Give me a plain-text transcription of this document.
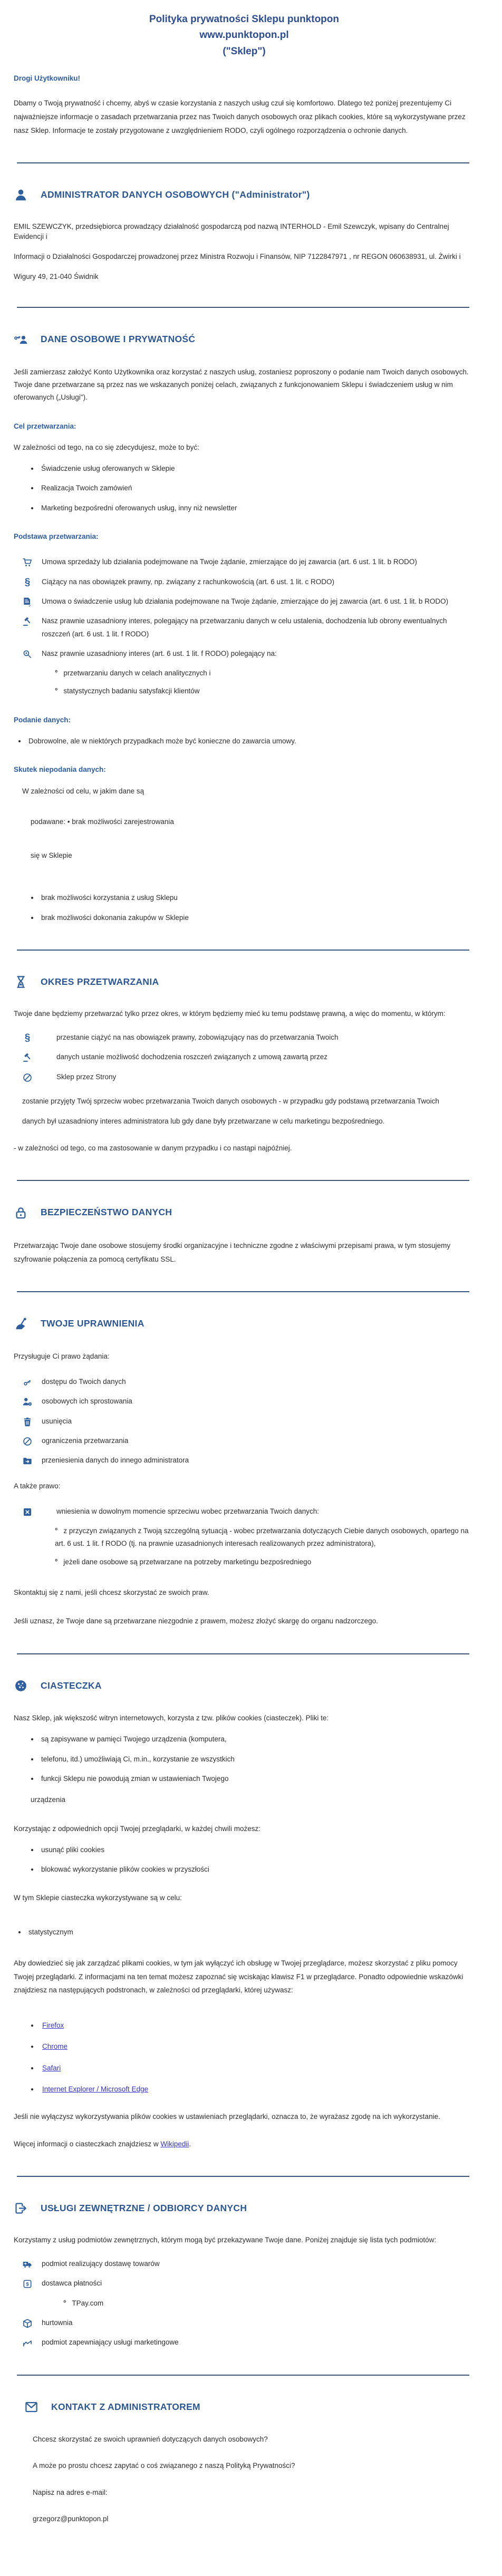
Polityka prywatności Sklepu punktopon
www.punktopon.pl
("Sklep")
Drogi Użytkowniku!

Dbamy o Twoją prywatność i chcemy, abyś w czasie korzystania z naszych usług czuł się komfortowo. Dlatego też poniżej prezentujemy Ci najważniejsze informacje o zasadach przetwarzania przez nas Twoich danych osobowych oraz plikach cookies, które są wykorzystywane przez nasz Sklep. Informacje te zostały przygotowane z uwzględnieniem RODO, czyli ogólnego rozporządzenia o ochronie danych.

ADMINISTRATOR DANYCH OSOBOWYCH ("Administrator")

EMIL SZEWCZYK, przedsiębiorca prowadzący działalność gospodarczą pod nazwą INTERHOLD - Emil Szewczyk, wpisany do Centralnej Ewidencji i

Informacji o Działalności Gospodarczej prowadzonej przez Ministra Rozwoju i Finansów, NIP 7122847971 , nr REGON 060638931, ul. Żwirki i

Wigury 49, 21-040 Świdnik

DANE OSOBOWE I PRYWATNOŚĆ

Jeśli zamierzasz założyć Konto Użytkownika oraz korzystać z naszych usług, zostaniesz poproszony o podanie nam Twoich danych osobowych. Twoje dane przetwarzane są przez nas we wskazanych poniżej celach, związanych z funkcjonowaniem Sklepu i świadczeniem usług w nim oferowanych („Usługi").

Cel przetwarzania:

W zależności od tego, na co się zdecydujesz, może to być:

• Świadczenie usług oferowanych w Sklepie
• Realizacja Twoich zamówień
• Marketing bezpośredni oferowanych usług, inny niż newsletter
Podstawa przetwarzania:
Umowa sprzedaży lub działania podejmowane na Twoje żądanie, zmierzające do jej zawarcia (art. 6 ust. 1 lit. b RODO)
§	Ciążący na nas obowiązek prawny, np. związany z rachunkowością (art. 6 ust. 1 lit. c RODO)
Umowa o świadczenie usług lub działania podejmowane na Twoje żądanie, zmierzające do jej zawarcia (art. 6 ust. 1 lit. b RODO)
Nasz prawnie uzasadniony interes, polegający na przetwarzaniu danych w celu ustalenia, dochodzenia lub obrony ewentualnych roszczeń (art. 6 ust. 1 lit. f RODO)
Nasz prawnie uzasadniony interes (art. 6 ust. 1 lit. f RODO) polegający na:
° przetwarzaniu danych w celach analitycznych i
° statystycznych badaniu satysfakcji klientów
Podanie danych:
• Dobrowolne, ale w niektórych przypadkach może być konieczne do zawarcia umowy.
Skutek niepodania danych:

W zależności od celu, w jakim dane są

podawane: • brak możliwości zarejestrowania

się w Sklepie

• brak możliwości korzystania z usług Sklepu
• brak możliwości dokonania zakupów w Sklepie
OKRES PRZETWARZANIA

Twoje dane będziemy przetwarzać tylko przez okres, w którym będziemy mieć ku temu podstawę prawną, a więc do momentu, w którym:

§	przestanie ciążyć na nas obowiązek prawny, zobowiązujący nas do przetwarzania Twoich
danych ustanie możliwość dochodzenia roszczeń związanych z umową zawartą przez
Sklep przez Strony

zostanie przyjęty Twój sprzeciw wobec przetwarzania Twoich danych osobowych - w przypadku gdy podstawą przetwarzania Twoich

danych był uzasadniony interes administratora lub gdy dane były przetwarzane w celu marketingu bezpośredniego.

- w zależności od tego, co ma zastosowanie w danym przypadku i co nastąpi najpóźniej.

BEZPIECZEŃSTWO DANYCH

Przetwarzając Twoje dane osobowe stosujemy środki organizacyjne i techniczne zgodne z właściwymi przepisami prawa, w tym stosujemy szyfrowanie połączenia za pomocą certyfikatu SSL.

TWOJE UPRAWNIENIA

Przysługuje Ci prawo żądania:

dostępu do Twoich danych
osobowych ich sprostowania
usunięcia
ograniczenia przetwarzania
przeniesienia danych do innego administratora

A także prawo:

wniesienia w dowolnym momencie sprzeciwu wobec przetwarzania Twoich danych:
° z przyczyn związanych z Twoją szczególną sytuacją - wobec przetwarzania dotyczących Ciebie danych osobowych, opartego na art. 6 ust. 1 lit. f RODO (tj. na prawnie uzasadnionych interesach realizowanych przez administratora),
° jeżeli dane osobowe są przetwarzane na potrzeby marketingu bezpośredniego

Skontaktuj się z nami, jeśli chcesz skorzystać ze swoich praw.

Jeśli uznasz, że Twoje dane są przetwarzane niezgodnie z prawem, możesz złożyć skargę do organu nadzorczego.

CIASTECZKA

Nasz Sklep, jak większość witryn internetowych, korzysta z tzw. plików cookies (ciasteczek). Pliki te:

• są zapisywane w pamięci Twojego urządzenia (komputera,
• telefonu, itd.) umożliwiają Ci, m.in., korzystanie ze wszystkich
• funkcji Sklepu nie powodują zmian w ustawieniach Twojego
urządzenia

Korzystając z odpowiednich opcji Twojej przeglądarki, w każdej chwili możesz:

• usunąć pliki cookies
• blokować wykorzystanie plików cookies w przyszłości

W tym Sklepie ciasteczka wykorzystywane są w celu:

• statystycznym

Aby dowiedzieć się jak zarządzać plikami cookies, w tym jak wyłączyć ich obsługę w Twojej przeglądarce, możesz skorzystać z pliku pomocy Twojej przeglądarki. Z informacjami na ten temat możesz zapoznać się wciskając klawisz F1 w przeglądarce. Ponadto odpowiednie wskazówki znajdziesz na następujących podstronach, w zależności od przeglądarki, której używasz:

• Firefox
• Chrome
• Safari
• Internet Explorer / Microsoft Edge

Jeśli nie wyłączysz wykorzystywania plików cookies w ustawieniach przeglądarki, oznacza to, że wyrażasz zgodę na ich wykorzystanie.

Więcej informacji o ciasteczkach znajdziesz w Wikipedii.

USŁUGI ZEWNĘTRZNE / ODBIORCY DANYCH

Korzystamy z usług podmiotów zewnętrznych, którym mogą być przekazywane Twoje dane. Poniżej znajduje się lista tych podmiotów:

podmiot realizujący dostawę towarów
$ dostawca płatności
° TPay.com
hurtownia
podmiot zapewniający usługi marketingowe
KONTAKT Z ADMINISTRATOREM

Chcesz skorzystać ze swoich uprawnień dotyczących danych osobowych?

A może po prostu chcesz zapytać o coś związanego z naszą Polityką Prywatności?

Napisz na adres e-mail:

grzegorz@punktopon.pl
